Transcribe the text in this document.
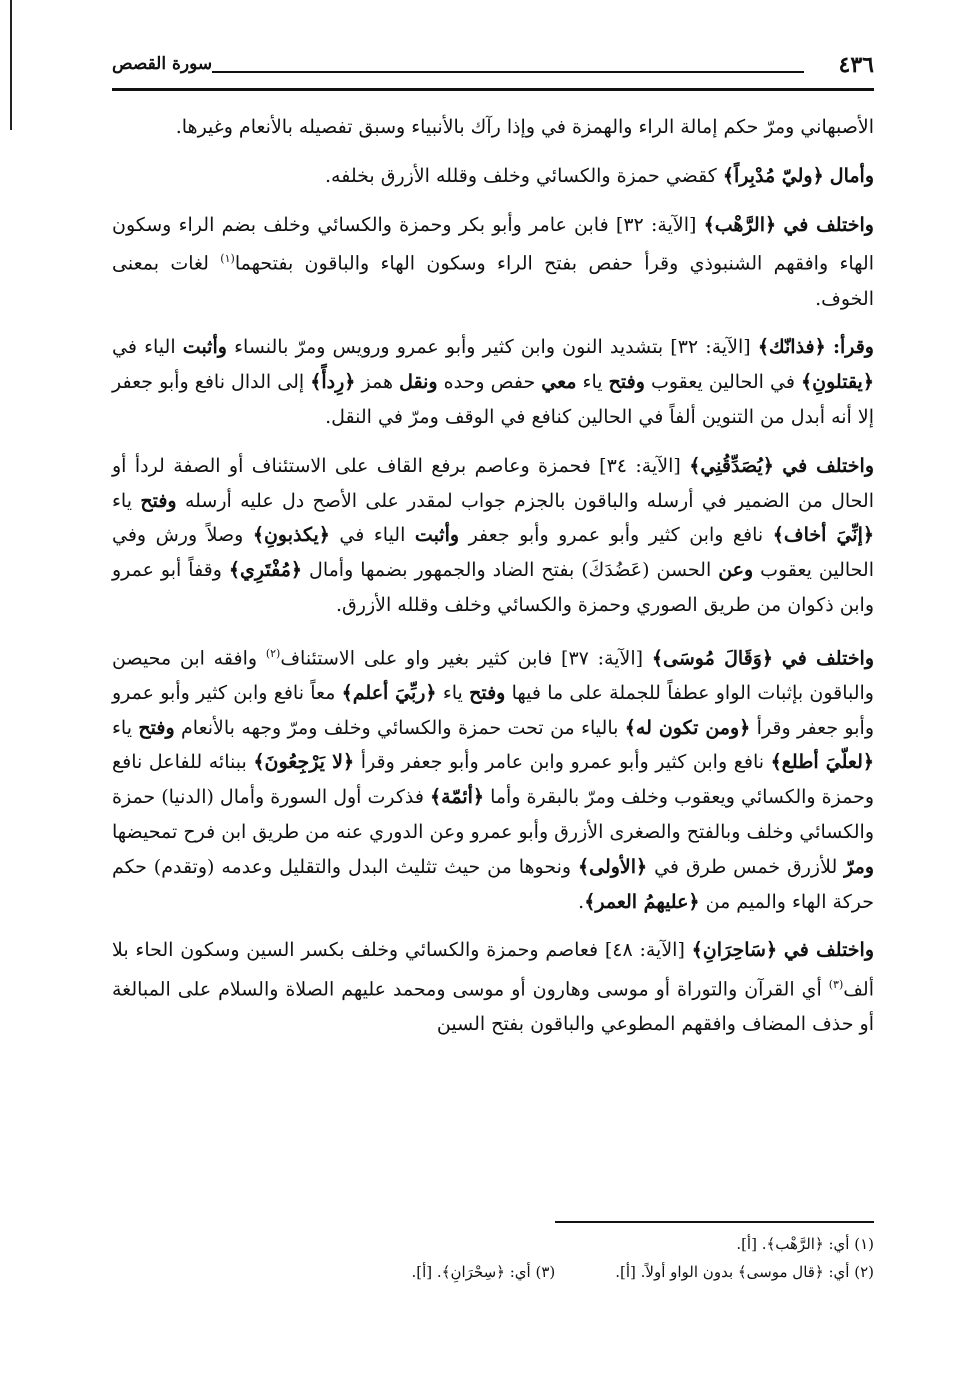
٤٣٦
سورة القصص

الأصبهاني ومرّ حكم إمالة الراء والهمزة في وإذا رآك بالأنبياء وسبق تفصيله بالأنعام وغيرها.

وأمال ﴿وليّ مُدْبِراً﴾ كقضي حمزة والكسائي وخلف وقلله الأزرق بخلفه.

واختلف في ﴿الرَّهْب﴾ [الآية: ٣٢] فابن عامر وأبو بكر وحمزة والكسائي وخلف بضم الراء وسكون الهاء وافقهم الشنبوذي وقرأ حفص بفتح الراء وسكون الهاء والباقون بفتحهما$^{(١)}$ لغات بمعنى الخوف.

وقرأ: ﴿فذانّك﴾ [الآية: ٣٢] بتشديد النون وابن كثير وأبو عمرو ورويس ومرّ بالنساء وأثبت الياء في ﴿يقتلونِ﴾ في الحالين يعقوب وفتح ياء معي حفص وحده ونقل همز ﴿رِدأً﴾ إلى الدال نافع وأبو جعفر إلا أنه أبدل من التنوين ألفاً في الحالين كنافع في الوقف ومرّ في النقل.

واختلف في ﴿يُصَدِّقُنِي﴾ [الآية: ٣٤] فحمزة وعاصم برفع القاف على الاستئناف أو الصفة لردأ أو الحال من الضمير في أرسله والباقون بالجزم جواب لمقدر على الأصح دل عليه أرسله وفتح ياء ﴿إنِّيَ أخاف﴾ نافع وابن كثير وأبو عمرو وأبو جعفر وأثبت الياء في ﴿يكذبونِ﴾ وصلاً ورش وفي الحالين يعقوب وعن الحسن (عَضُدَكَ) بفتح الضاد والجمهور بضمها وأمال ﴿مُفْتَرِي﴾ وقفاً أبو عمرو وابن ذكوان من طريق الصوري وحمزة والكسائي وخلف وقلله الأزرق.

واختلف في ﴿وَقَالَ مُوسَى﴾ [الآية: ٣٧] فابن كثير بغير واو على الاستئناف$^{(٢)}$ وافقه ابن محيصن والباقون بإثبات الواو عطفاً للجملة على ما فيها وفتح ياء ﴿ربِّيَ أعلم﴾ معاً نافع وابن كثير وأبو عمرو وأبو جعفر وقرأ ﴿ومن تكون له﴾ بالياء من تحت حمزة والكسائي وخلف ومرّ وجهه بالأنعام وفتح ياء ﴿لعلّيَ أطلع﴾ نافع وابن كثير وأبو عمرو وابن عامر وأبو جعفر وقرأ ﴿لا يَرْجِعُونَ﴾ ببنائه للفاعل نافع وحمزة والكسائي ويعقوب وخلف ومرّ بالبقرة وأما ﴿أئمّة﴾ فذكرت أول السورة وأمال (الدنيا) حمزة والكسائي وخلف وبالفتح والصغرى الأزرق وأبو عمرو وعن الدوري عنه من طريق ابن فرح تمحيضها ومرّ للأزرق خمس طرق في ﴿الأولى﴾ ونحوها من حيث تثليث البدل والتقليل وعدمه (وتقدم) حكم حركة الهاء والميم من ﴿عليهمُ العمر﴾.

واختلف في ﴿سَاحِرَانِ﴾ [الآية: ٤٨] فعاصم وحمزة والكسائي وخلف بكسر السين وسكون الحاء بلا ألف$^{(٣)}$ أي القرآن والتوراة أو موسى وهارون أو موسى ومحمد عليهم الصلاة والسلام على المبالغة أو حذف المضاف وافقهم المطوعي والباقون بفتح السين

(١) أي: ﴿الرَّهْب﴾. [أ].
(٢) أي: ﴿قال موسى﴾ بدون الواو أولاً. [أ].
(٣) أي: ﴿سِحْرَانِ﴾. [أ].
